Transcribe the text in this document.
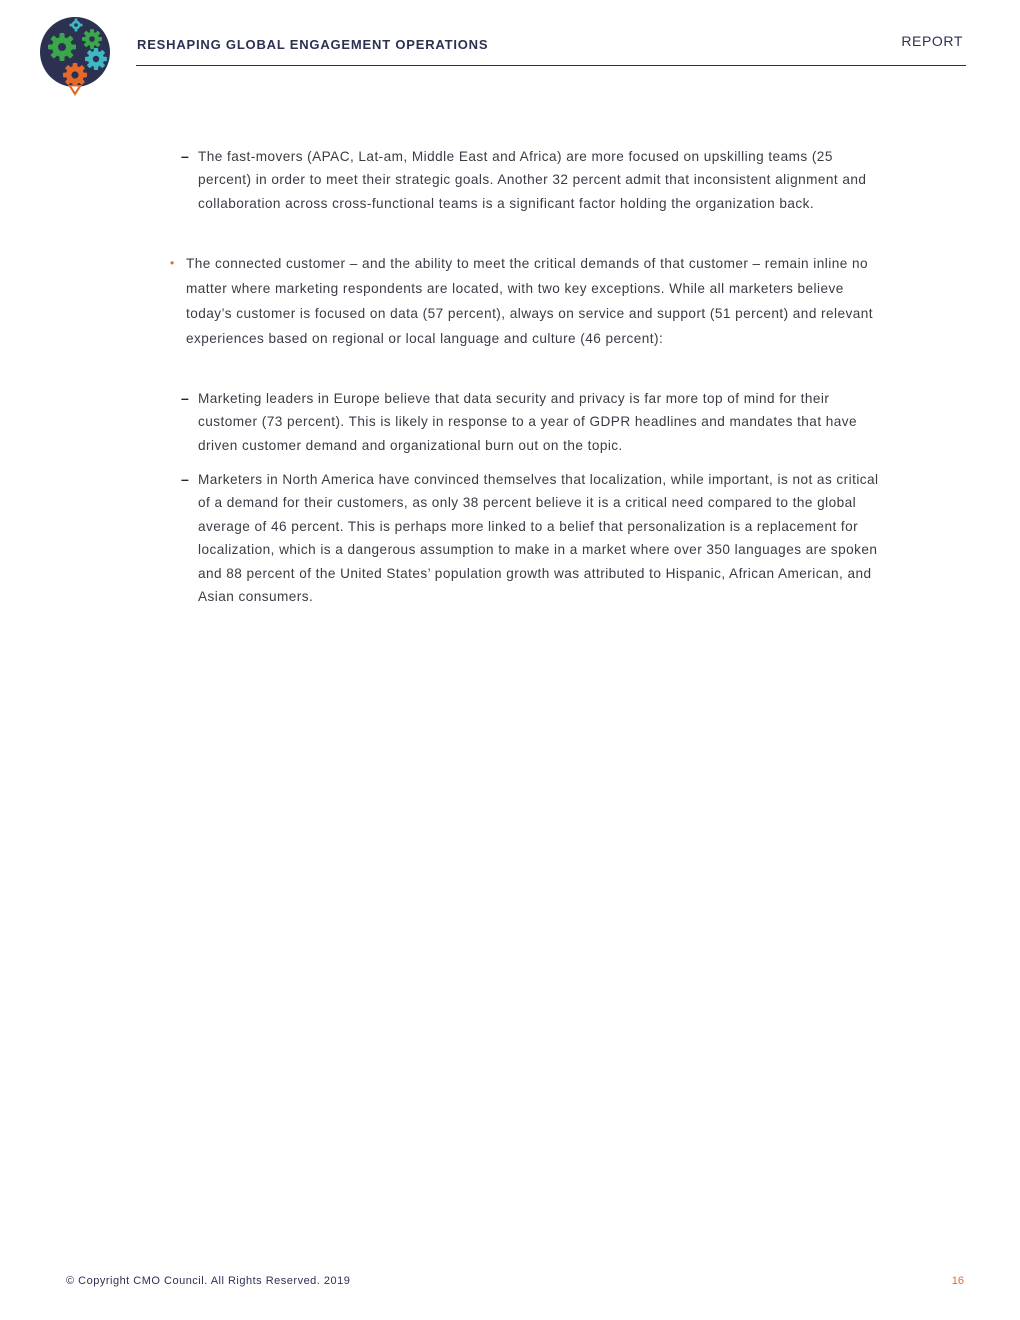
RESHAPING GLOBAL ENGAGEMENT OPERATIONS	REPORT
– The fast-movers (APAC, Lat-am, Middle East and Africa) are more focused on upskilling teams (25 percent) in order to meet their strategic goals. Another 32 percent admit that inconsistent alignment and collaboration across cross-functional teams is a significant factor holding the organization back.
• The connected customer – and the ability to meet the critical demands of that customer – remain inline no matter where marketing respondents are located, with two key exceptions. While all marketers believe today’s customer is focused on data (57 percent), always on service and support (51 percent) and relevant experiences based on regional or local language and culture (46 percent):
– Marketing leaders in Europe believe that data security and privacy is far more top of mind for their customer (73 percent). This is likely in response to a year of GDPR headlines and mandates that have driven customer demand and organizational burn out on the topic.
– Marketers in North America have convinced themselves that localization, while important, is not as critical of a demand for their customers, as only 38 percent believe it is a critical need compared to the global average of 46 percent. This is perhaps more linked to a belief that personalization is a replacement for localization, which is a dangerous assumption to make in a market where over 350 languages are spoken and 88 percent of the United States’ population growth was attributed to Hispanic, African American, and Asian consumers.
© Copyright CMO Council. All Rights Reserved. 2019	16
